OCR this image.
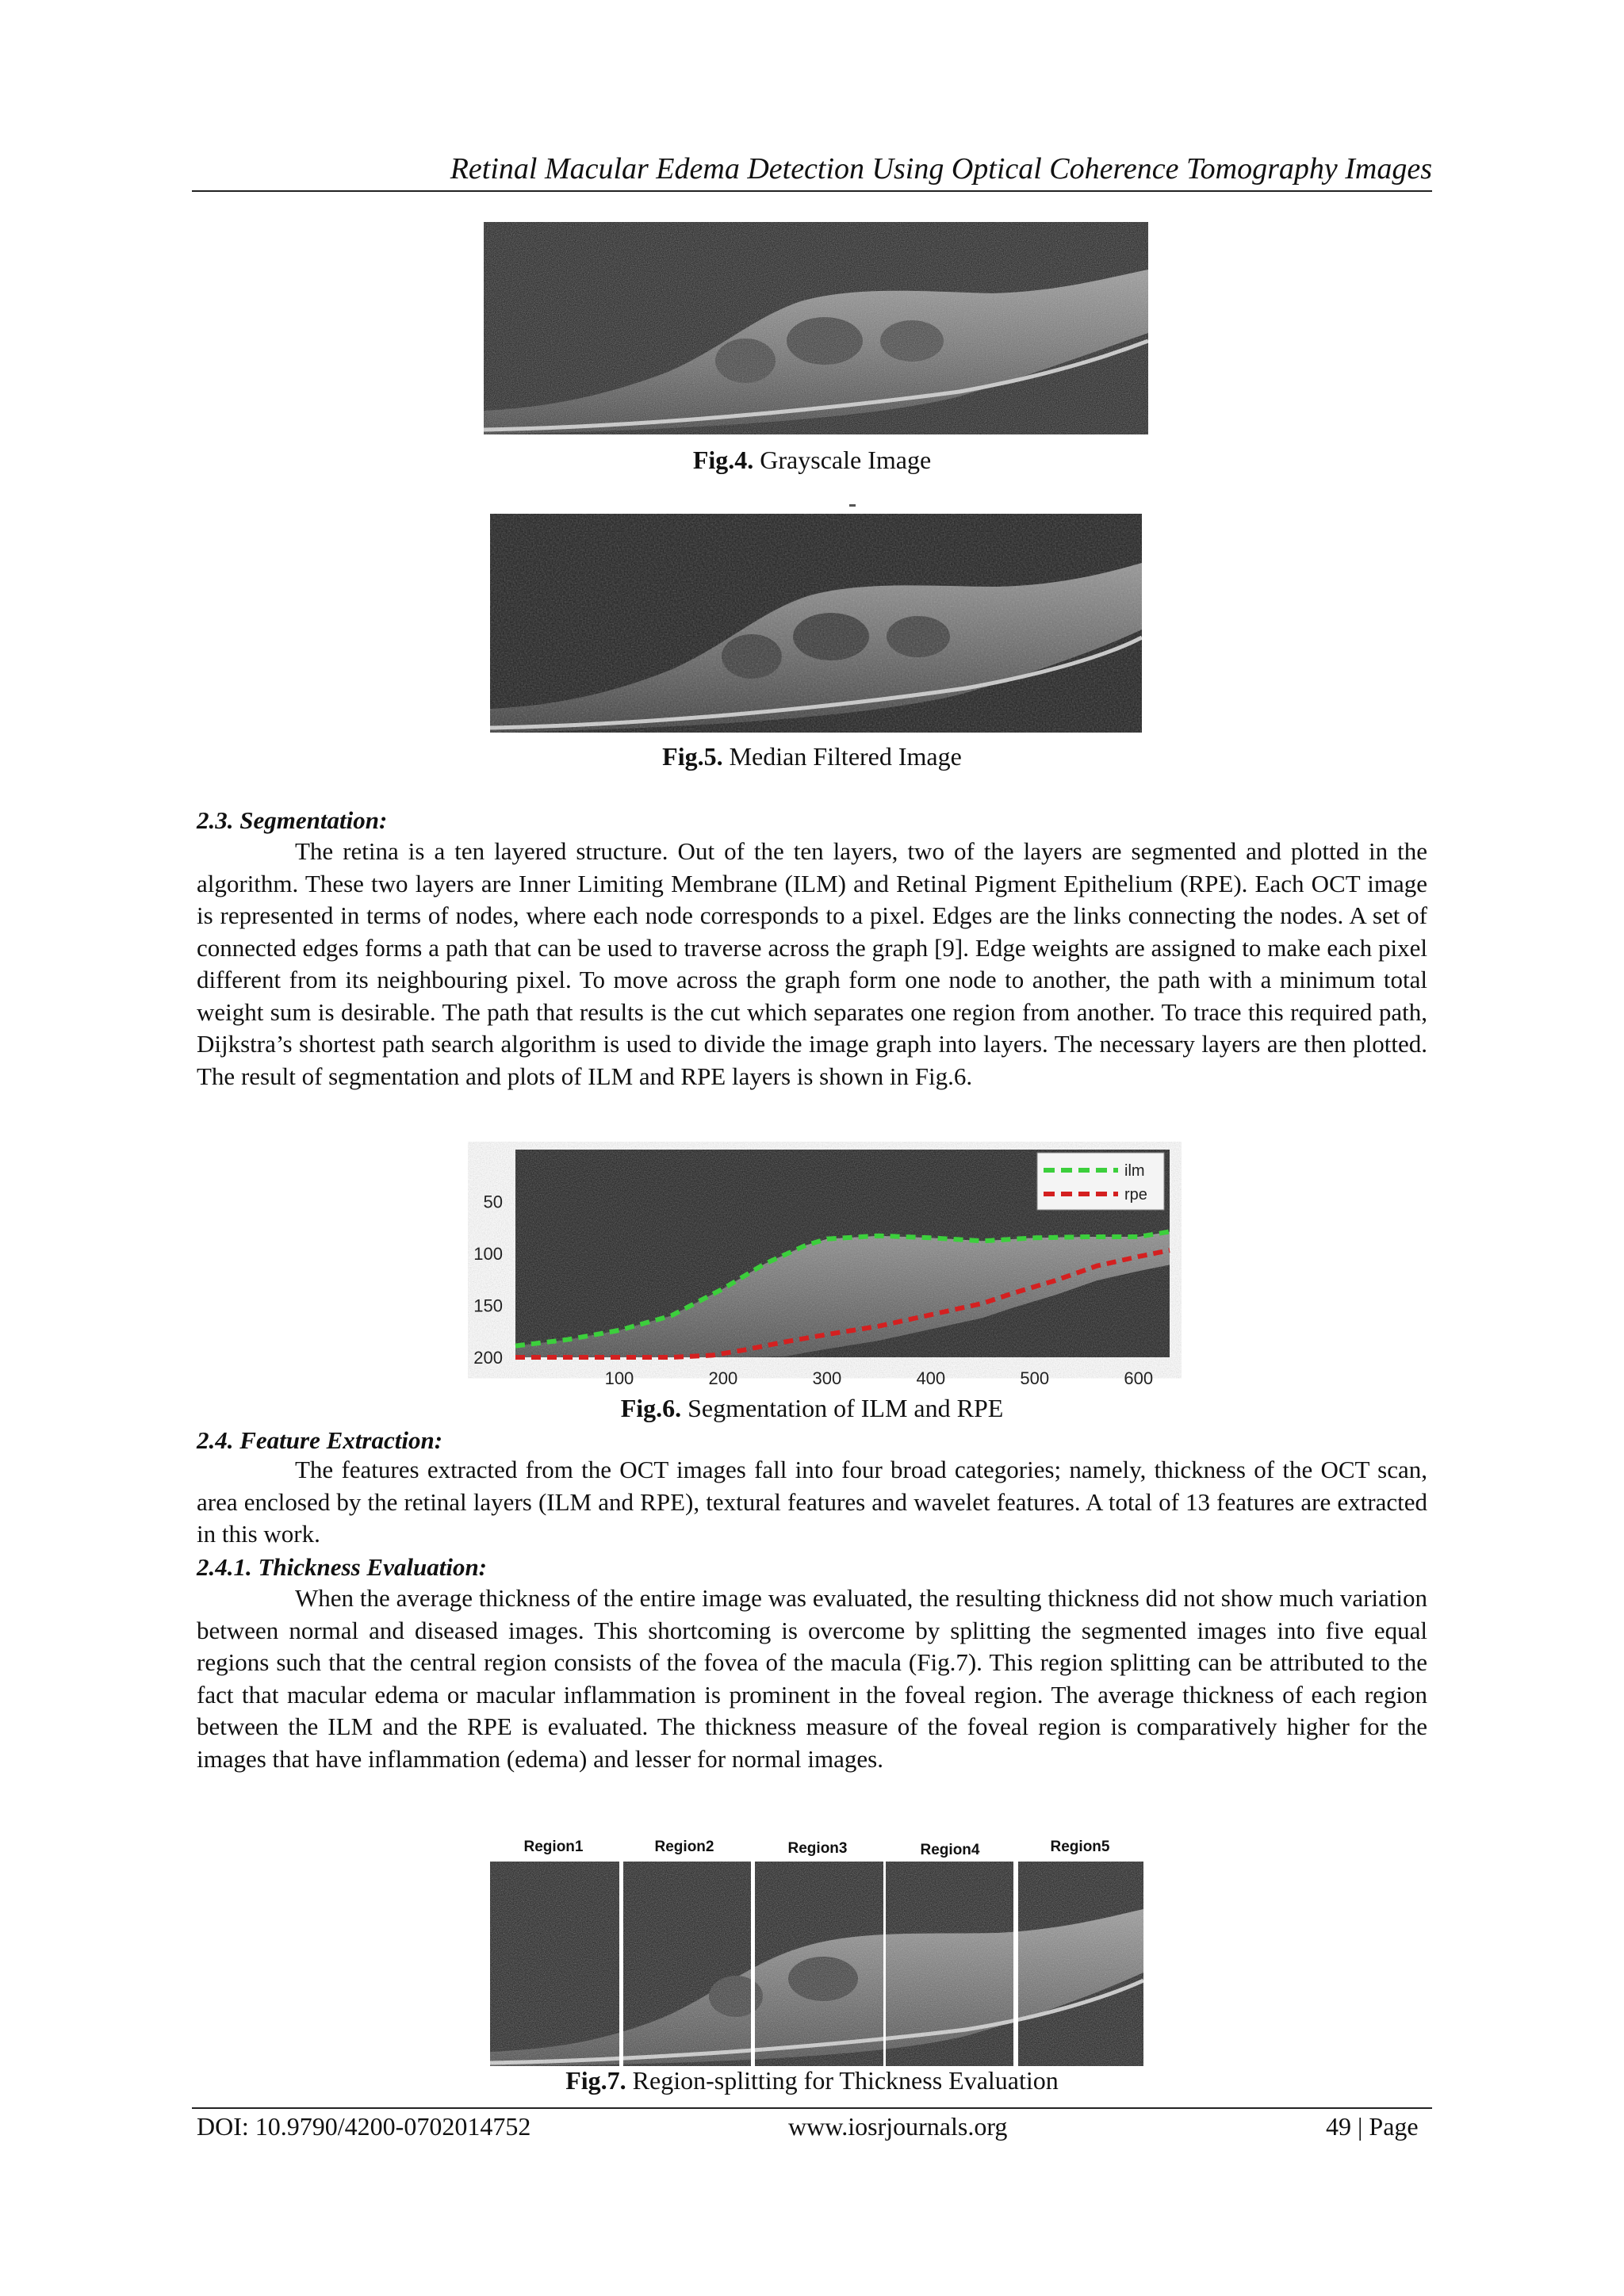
Retinal Macular Edema Detection Using Optical Coherence Tomography Images
Fig.4. Grayscale Image
Fig.5. Median Filtered Image
2.3. Segmentation:
The retina is a ten layered structure. Out of the ten layers, two of the layers are segmented and plotted in the algorithm. These two layers are Inner Limiting Membrane (ILM) and Retinal Pigment Epithelium (RPE). Each OCT image is represented in terms of nodes, where each node corresponds to a pixel. Edges are the links connecting the nodes. A set of connected edges forms a path that can be used to traverse across the graph [9]. Edge weights are assigned to make each pixel different from its neighbouring pixel. To move across the graph form one node to another, the path with a minimum total weight sum is desirable. The path that results is the cut which separates one region from another. To trace this required path, Dijkstra’s shortest path search algorithm is used to divide the image graph into layers. The necessary layers are then plotted. The result of segmentation and plots of ILM and RPE layers is shown in Fig.6.
100	200	300	400	500	600
50
100
150
200
ilm
rpe
Fig.6. Segmentation of ILM and RPE
2.4. Feature Extraction:
The features extracted from the OCT images fall into four broad categories; namely, thickness of the OCT scan, area enclosed by the retinal layers (ILM and RPE), textural features and wavelet features. A total of 13 features are extracted in this work.
2.4.1. Thickness Evaluation:
When the average thickness of the entire image was evaluated, the resulting thickness did not show much variation between normal and diseased images. This shortcoming is overcome by splitting the segmented images into five equal regions such that the central region consists of the fovea of the macula (Fig.7). This region splitting can be attributed to the fact that macular edema or macular inflammation is prominent in the foveal region. The average thickness of each region between the ILM and the RPE is evaluated. The thickness measure of the foveal region is comparatively higher for the images that have inflammation (edema) and lesser for normal images.
Region1	Region2	Region3	Region4	Region5
Fig.7. Region-splitting for Thickness Evaluation
DOI: 10.9790/4200-0702014752	www.iosrjournals.org	49 | Page
